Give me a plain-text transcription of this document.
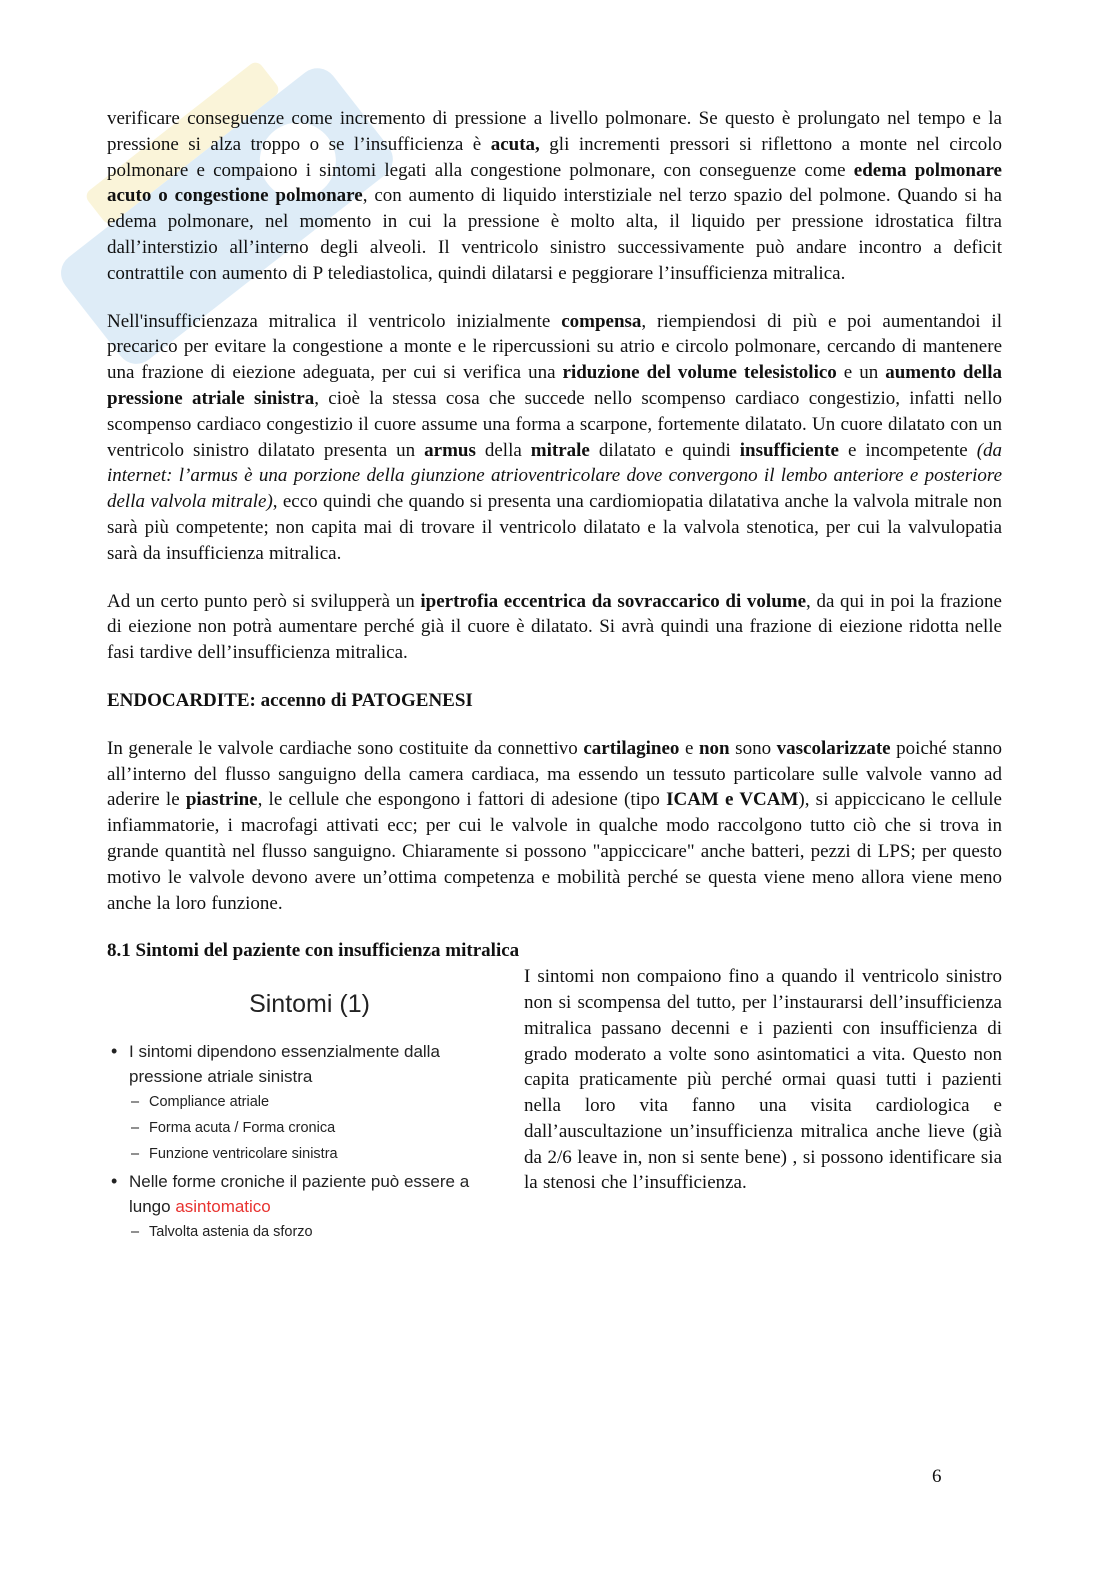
verificare conseguenze come incremento di pressione a livello polmonare. Se questo è prolungato nel tempo e la pressione si alza troppo o se l’insufficienza è acuta, gli incrementi pressori si riflettono a monte nel circolo polmonare e compaiono i sintomi legati alla congestione polmonare, con conseguenze come edema polmonare acuto o congestione polmonare, con aumento di liquido interstiziale nel terzo spazio del polmone. Quando si ha edema polmonare, nel momento in cui la pressione è molto alta, il liquido per pressione idrostatica filtra dall’interstizio all’interno degli alveoli. Il ventricolo sinistro successivamente può andare incontro a deficit contrattile con aumento di P telediastolica, quindi dilatarsi e peggiorare l’insufficienza mitralica.

Nell'insufficienzaza mitralica il ventricolo inizialmente compensa, riempiendosi di più e poi aumentandoi il precarico per evitare la congestione a monte e le ripercussioni su atrio e circolo polmonare, cercando di mantenere una frazione di eiezione adeguata, per cui si verifica una riduzione del volume telesistolico e un aumento della pressione atriale sinistra, cioè la stessa cosa che succede nello scompenso cardiaco congestizio, infatti nello scompenso cardiaco congestizio il cuore assume una forma a scarpone, fortemente dilatato. Un cuore dilatato con un ventricolo sinistro dilatato presenta un armus della mitrale dilatato e quindi insufficiente e incompetente (da internet: l’armus è una porzione della giunzione atrioventricolare dove convergono il lembo anteriore e posteriore della valvola mitrale), ecco quindi che quando si presenta una cardiomiopatia dilatativa anche la valvola mitrale non sarà più competente; non capita mai di trovare il ventricolo dilatato e la valvola stenotica, per cui la valvulopatia sarà da insufficienza mitralica.

Ad un certo punto però si svilupperà un ipertrofia eccentrica da sovraccarico di volume, da qui in poi la frazione di eiezione non potrà aumentare perché già il cuore è dilatato. Si avrà quindi una frazione di eiezione ridotta nelle fasi tardive dell’insufficienza mitralica.

ENDOCARDITE: accenno di PATOGENESI

In generale le valvole cardiache sono costituite da connettivo cartilagineo e non sono vascolarizzate poiché stanno all’interno del flusso sanguigno della camera cardiaca, ma essendo un tessuto particolare sulle valvole vanno ad aderire le piastrine, le cellule che espongono i fattori di adesione (tipo ICAM e VCAM), si appiccicano le cellule infiammatorie, i macrofagi attivati ecc; per cui le valvole in qualche modo raccolgono tutto ciò che si trova in grande quantità nel flusso sanguigno. Chiaramente si possono "appiccicare" anche batteri, pezzi di LPS; per questo motivo le valvole devono avere un’ottima competenza e mobilità perché se questa viene meno allora viene meno anche la loro funzione.

8.1 Sintomi del paziente con insufficienza mitralica
Sintomi (1)
• I sintomi dipendono essenzialmente dalla pressione atriale sinistra
– Compliance atriale
– Forma acuta / Forma cronica
– Funzione ventricolare sinistra
• Nelle forme croniche il paziente può essere a lungo asintomatico
– Talvolta astenia da sforzo

I sintomi non compaiono fino a quando il ventricolo sinistro non si scompensa del tutto, per l’instaurarsi dell’insufficienza mitralica passano decenni e i pazienti con insufficienza di grado moderato a volte sono asintomatici a vita. Questo non capita praticamente più perché ormai quasi tutti i pazienti nella loro vita fanno una visita cardiologica e dall’auscultazione un’insufficienza mitralica anche lieve (già da 2/6 leave in, non si sente bene) , si possono identificare sia la stenosi che l’insufficienza.

6
